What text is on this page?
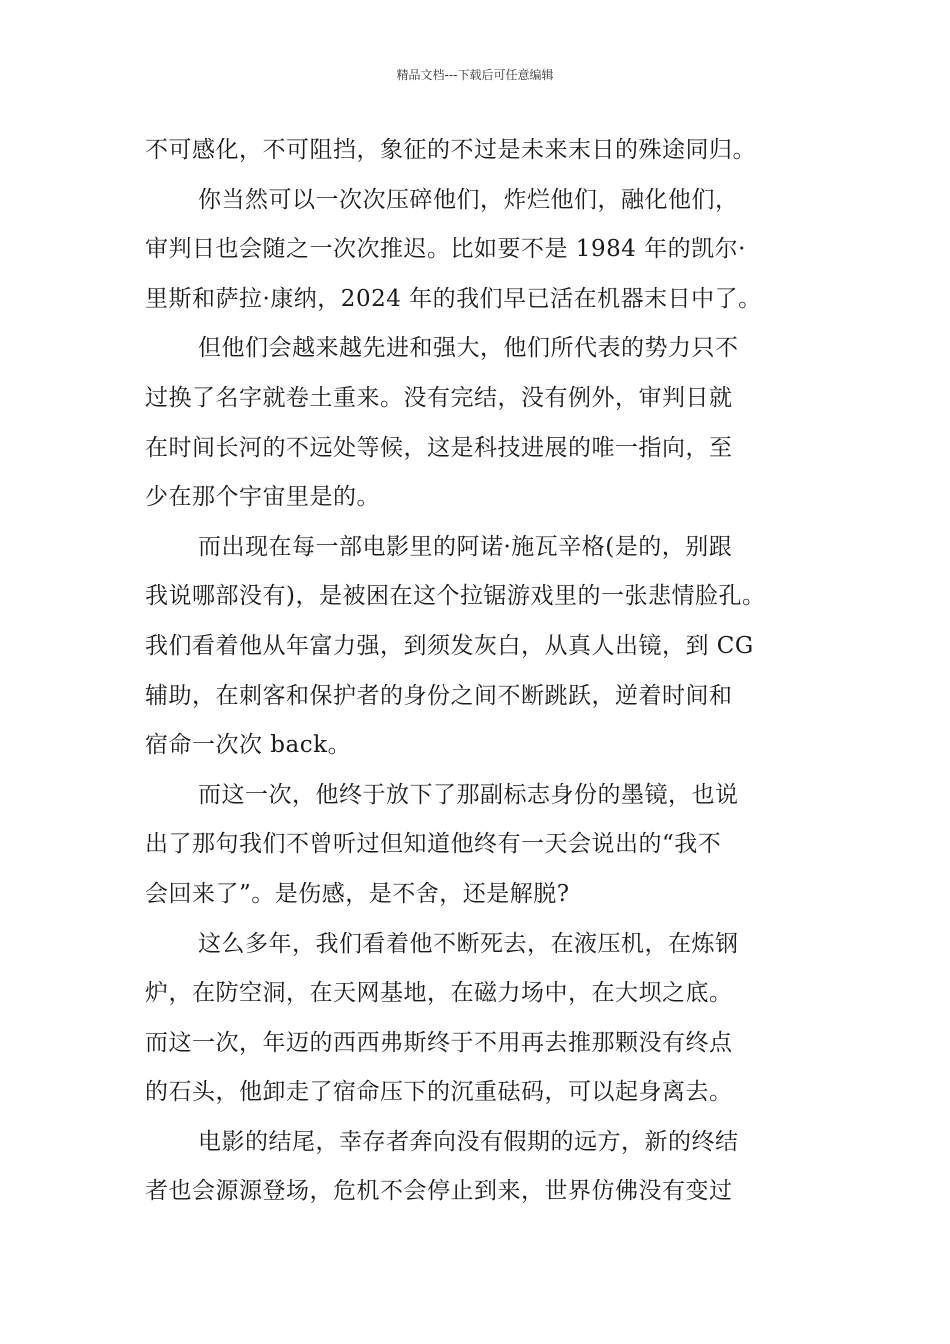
精品文档---下载后可任意编辑
不可感化，不可阻挡，象征的不过是未来末日的殊途同归。
你当然可以一次次压碎他们，炸烂他们，融化他们，
审判日也会随之一次次推迟。比如要不是 1984 年的凯尔·
里斯和萨拉·康纳，2024 年的我们早已活在机器末日中了。
但他们会越来越先进和强大，他们所代表的势力只不
过换了名字就卷土重来。没有完结，没有例外，审判日就
在时间长河的不远处等候，这是科技进展的唯一指向，至
少在那个宇宙里是的。
而出现在每一部电影里的阿诺·施瓦辛格(是的，别跟
我说哪部没有)，是被困在这个拉锯游戏里的一张悲情脸孔。
我们看着他从年富力强，到须发灰白，从真人出镜，到 CG
辅助，在刺客和保护者的身份之间不断跳跃，逆着时间和
宿命一次次 back。
而这一次，他终于放下了那副标志身份的墨镜，也说
出了那句我们不曾听过但知道他终有一天会说出的“我不
会回来了”。是伤感，是不舍，还是解脱?
这么多年，我们看着他不断死去，在液压机，在炼钢
炉，在防空洞，在天网基地，在磁力场中，在大坝之底。
而这一次，年迈的西西弗斯终于不用再去推那颗没有终点
的石头，他卸走了宿命压下的沉重砝码，可以起身离去。
电影的结尾，幸存者奔向没有假期的远方，新的终结
者也会源源登场，危机不会停止到来，世界仿佛没有变过
